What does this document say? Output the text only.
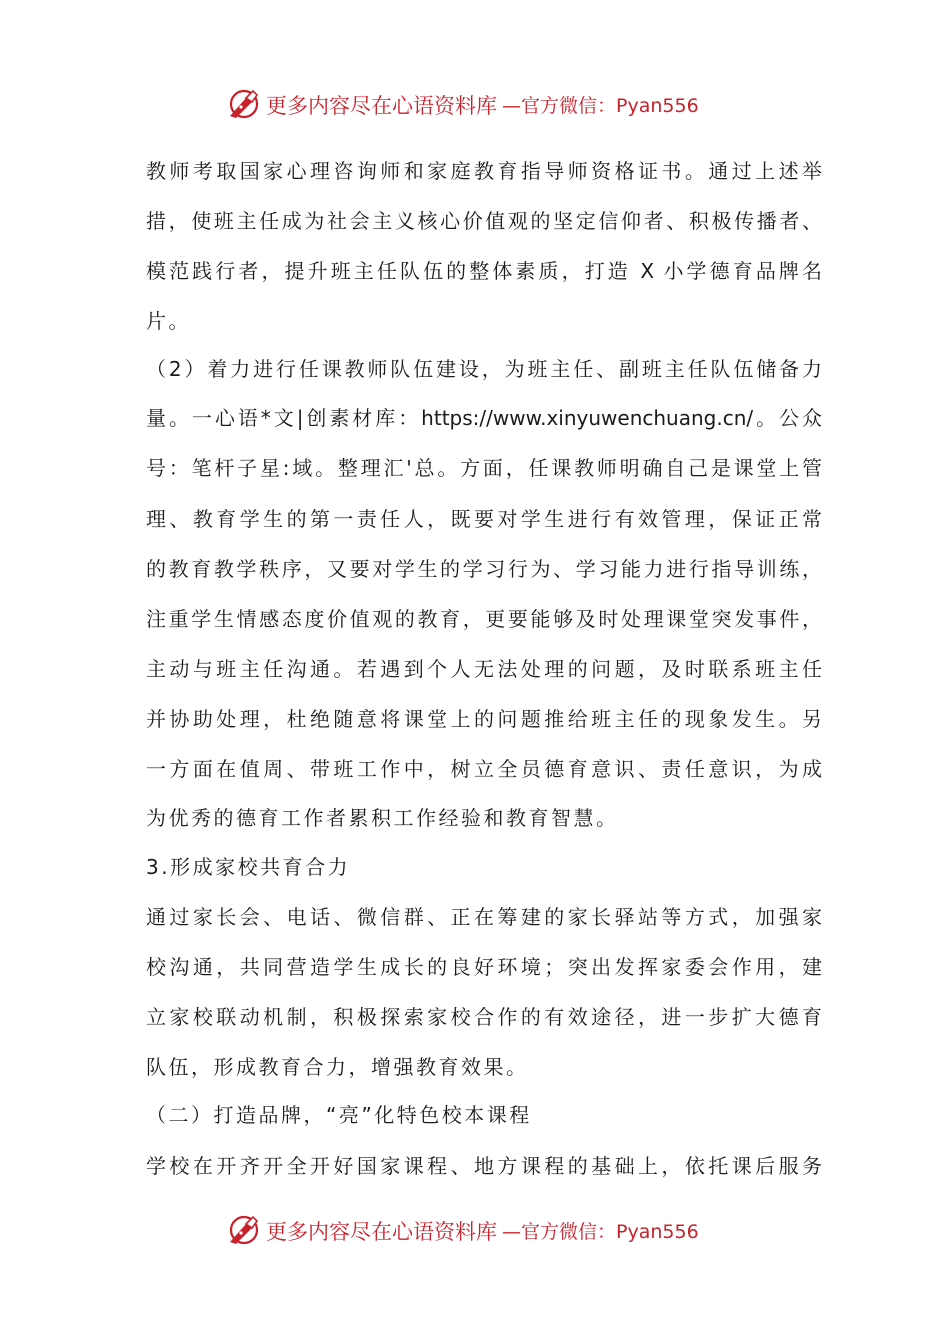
更多内容尽在心语资料库 —官方微信：Pyan556
教师考取国家心理咨询师和家庭教育指导师资格证书。通过上述举
措，使班主任成为社会主义核心价值观的坚定信仰者、积极传播者、
模范践行者，提升班主任队伍的整体素质，打造 X 小学德育品牌名
片。
（2）着力进行任课教师队伍建设，为班主任、副班主任队伍储备力
量。一心语*文|创素材库：https://www.xinyuwenchuang.cn/。公众
号：笔杆子星:域。整理汇'总。方面，任课教师明确自己是课堂上管
理、教育学生的第一责任人，既要对学生进行有效管理，保证正常
的教育教学秩序，又要对学生的学习行为、学习能力进行指导训练，
注重学生情感态度价值观的教育，更要能够及时处理课堂突发事件，
主动与班主任沟通。若遇到个人无法处理的问题，及时联系班主任
并协助处理，杜绝随意将课堂上的问题推给班主任的现象发生。另
一方面在值周、带班工作中，树立全员德育意识、责任意识，为成
为优秀的德育工作者累积工作经验和教育智慧。
3.形成家校共育合力
通过家长会、电话、微信群、正在筹建的家长驿站等方式，加强家
校沟通，共同营造学生成长的良好环境；突出发挥家委会作用，建
立家校联动机制，积极探索家校合作的有效途径，进一步扩大德育
队伍，形成教育合力，增强教育效果。
（二）打造品牌，“亮”化特色校本课程
学校在开齐开全开好国家课程、地方课程的基础上，依托课后服务
更多内容尽在心语资料库 —官方微信：Pyan556
